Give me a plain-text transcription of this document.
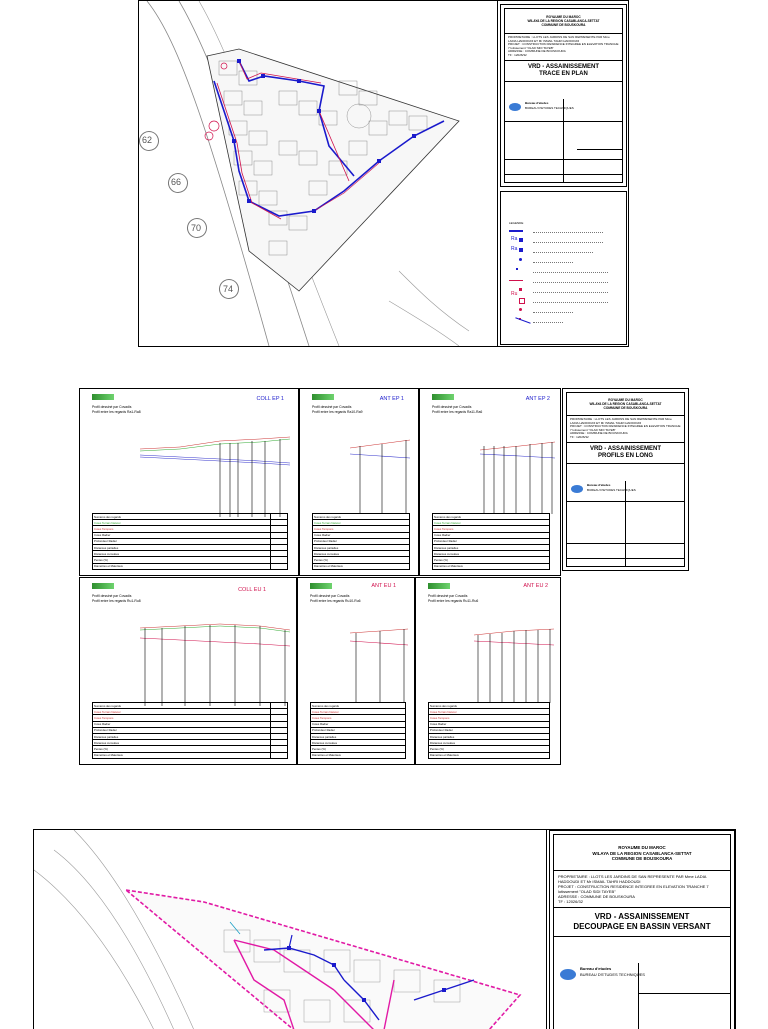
62
66
70
74
ROYAUME DU MAROC
WILAYA DE LA REGION CASABLANCA-SETTAT
COMMUNE DE BOUSKOURA
PROPRIETAIRE : LLOTS LES JARDINS DE SAN REPRESENTE PAR Mme LADIA HADDOUDI ET Mr ISMAIL TAHRI HADDOUDI
PROJET : CONSTRUCTION RESIDENCE INTEGREE EN ELEVATION TRANCHE 7 lotissement "OLAD SIDI TAYEB"
ADRESSE : COMMUNE DE BOUSKOURA
TF : 12026/32
VRD - ASSAINISSEMENT
TRACE EN PLAN
Bureau d'etudes
BUREAU D'ETUDES TECHNIQUES
LEGENDE
Ra
Ra
Ru
COLL EP 1
Profil dessiné par Covadis
Profil entre les regards Ra1-Ra8
Numéros des regards	
Cotes Terrain Naturel	
Cotes Tampons	
Cotes Radier	
Profondeur Radier	
Distances partielles	
Distances cumulées	
Pentes (%)	
Diamètres et Matériaux	
ANT EP 1
Profil dessiné par Covadis
Profil entre les regards Ra10-Ra9
Numéros des regards
Cotes Terrain Naturel
Cotes Tampons
Cotes Radier
Profondeur Radier
Distances partielles
Distances cumulées
Pentes (%)
Diamètres et Matériaux
ANT EP 2
Profil dessiné par Covadis
Profil entre les regards Ra11-Ra6
Numéros des regards
Cotes Terrain Naturel
Cotes Tampons
Cotes Radier
Profondeur Radier
Distances partielles
Distances cumulées
Pentes (%)
Diamètres et Matériaux
COLL EU 1
Profil dessiné par Covadis
Profil entre les regards Ru1-Ru8
Numéros des regards	
Cotes Terrain Naturel	
Cotes Tampons	
Cotes Radier	
Profondeur Radier	
Distances partielles	
Distances cumulées	
Pentes (%)	
Diamètres et Matériaux	
ANT EU 1
Profil dessiné par Covadis
Profil entre les regards Ru10-Ru6
Numéros des regards
Cotes Terrain Naturel
Cotes Tampons
Cotes Radier
Profondeur Radier
Distances partielles
Distances cumulées
Pentes (%)
Diamètres et Matériaux
ANT EU 2
Profil dessiné par Covadis
Profil entre les regards Ru11-Ru6
Numéros des regards
Cotes Terrain Naturel
Cotes Tampons
Cotes Radier
Profondeur Radier
Distances partielles
Distances cumulées
Pentes (%)
Diamètres et Matériaux
ROYAUME DU MAROC
WILAYA DE LA REGION CASABLANCA-SETTAT
COMMUNE DE BOUSKOURA
PROPRIETAIRE : LLOTS LES JARDINS DE SAN REPRESENTE PAR Mme LADIA HADDOUDI ET Mr ISMAIL TAHRI HADDOUDI
PROJET : CONSTRUCTION RESIDENCE INTEGREE EN ELEVATION TRANCHE 7 lotissement "OLAD SIDI TAYEB"
ADRESSE : COMMUNE DE BOUSKOURA
TF : 12026/32
VRD - ASSAINISSEMENT
PROFILS EN LONG
Bureau d'etudes
BUREAU D'ETUDES TECHNIQUES
ROYAUME DU MAROC
WILAYA DE LA REGION CASABLANCA-SETTAT
COMMUNE DE BOUSKOURA
PROPRIETAIRE : LLOTS LES JARDINS DE SAN REPRESENTE PAR Mme LADIA HADDOUDI ET Mr ISMAIL TAHRI HADDOUDI
PROJET : CONSTRUCTION RESIDENCE INTEGREE EN ELEVATION TRANCHE 7 lotissement "OLAD SIDI TAYEB"
ADRESSE : COMMUNE DE BOUSKOURA
TF : 12026/32
VRD - ASSAINISSEMENT
DECOUPAGE EN BASSIN VERSANT
Bureau d'etudes
BUREAU D'ETUDES TECHNIQUES
